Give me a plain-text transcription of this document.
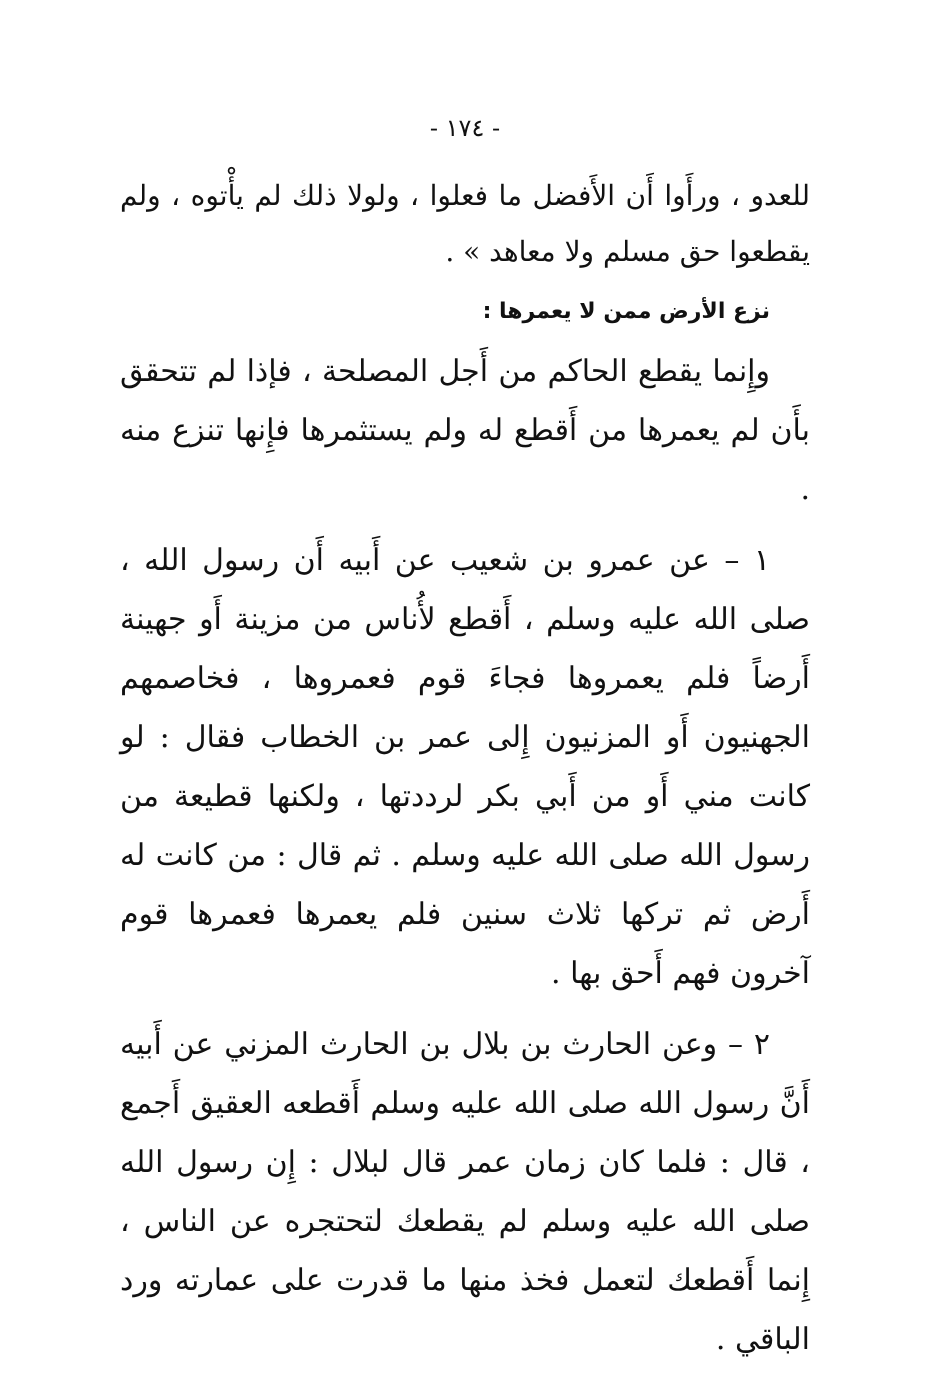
- ١٧٤ -

للعدو ، ورأَوا أَن الأَفضل ما فعلوا ، ولولا ذلك لم يأْتوه ، ولم يقطعوا حق مسلم ولا معاهد » .

نزع الأرض ممن لا يعمرها :

وإِنما يقطع الحاكم من أَجل المصلحة ، فإذا لم تتحقق بأَن لم يعمرها من أَقطع له ولم يستثمرها فإِنها تنزع منه .

١ – عن عمرو بن شعيب عن أَبيه أَن رسول الله ، صلى الله عليه وسلم ، أَقطع لأُناس من مزينة أَو جهينة أَرضاً فلم يعمروها فجاءَ قوم فعمروها ، فخاصمهم الجهنيون أَو المزنيون إِلى عمر بن الخطاب فقال : لو كانت مني أَو من أَبي بكر لرددتها ، ولكنها قطيعة من رسول الله صلى الله عليه وسلم . ثم قال : من كانت له أَرض ثم تركها ثلاث سنين فلم يعمرها فعمرها قوم آخرون فهم أَحق بها .

٢ – وعن الحارث بن بلال بن الحارث المزني عن أَبيه أَنَّ رسول الله صلى الله عليه وسلم أَقطعه العقيق أَجمع ، قال : فلما كان زمان عمر قال لبلال : إِن رسول الله صلى الله عليه وسلم لم يقطعك لتحتجره عن الناس ، إِنما أَقطعك لتعمل فخذ منها ما قدرت على عمارته ورد الباقي .
